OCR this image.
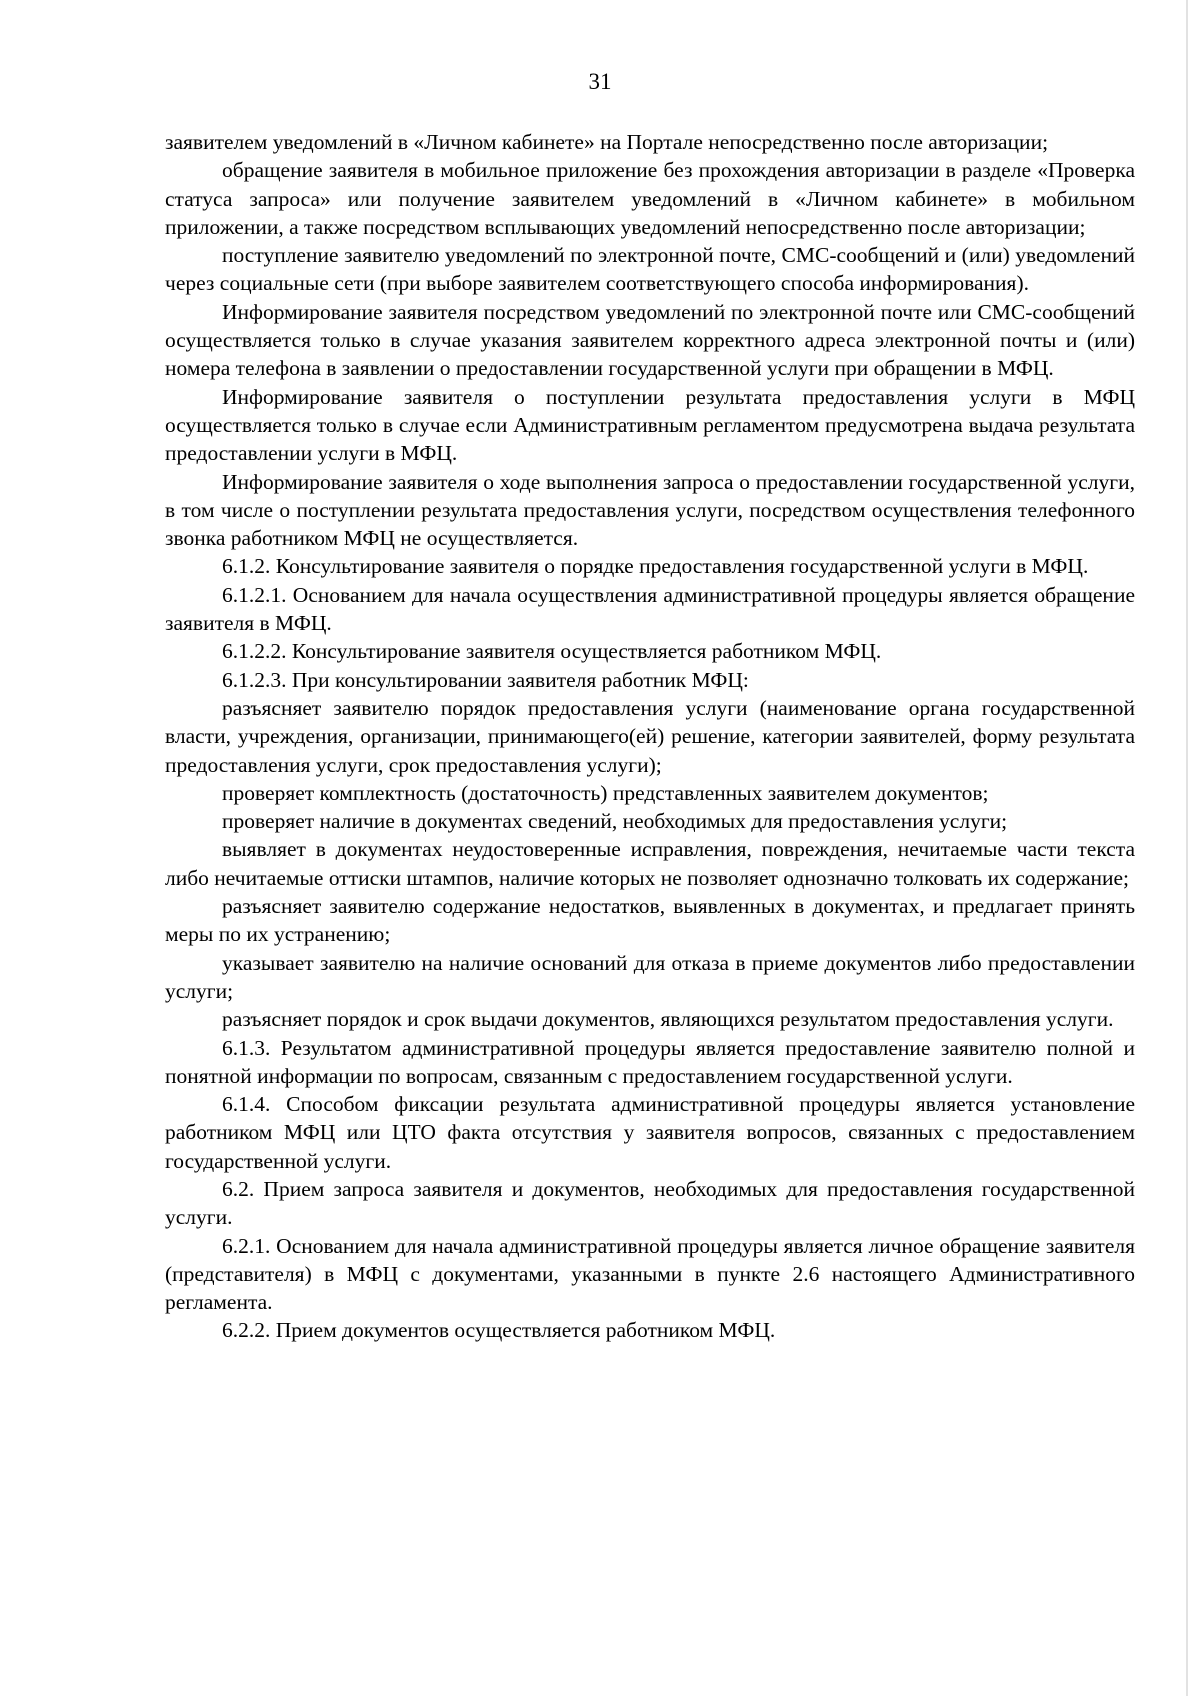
31

заявителем уведомлений в «Личном кабинете» на Портале непосредственно после авторизации;

обращение заявителя в мобильное приложение без прохождения авторизации в разделе «Проверка статуса запроса» или получение заявителем уведомлений в «Личном кабинете» в мобильном приложении, а также посредством всплывающих уведомлений непосредственно после авторизации;

поступление заявителю уведомлений по электронной почте, СМС-сообщений и (или) уведомлений через социальные сети (при выборе заявителем соответствующего способа информирования).

Информирование заявителя посредством уведомлений по электронной почте или СМС-сообщений осуществляется только в случае указания заявителем корректного адреса электронной почты и (или) номера телефона в заявлении о предоставлении государственной услуги при обращении в МФЦ.

Информирование заявителя о поступлении результата предоставления услуги в МФЦ осуществляется только в случае если Административным регламентом предусмотрена выдача результата предоставлении услуги в МФЦ.

Информирование заявителя о ходе выполнения запроса о предоставлении государственной услуги, в том числе о поступлении результата предоставления услуги, посредством осуществления телефонного звонка работником МФЦ не осуществляется.

6.1.2. Консультирование заявителя о порядке предоставления государственной услуги в МФЦ.

6.1.2.1. Основанием для начала осуществления административной процедуры является обращение заявителя в МФЦ.

6.1.2.2. Консультирование заявителя осуществляется работником МФЦ.

6.1.2.3. При консультировании заявителя работник МФЦ:

разъясняет заявителю порядок предоставления услуги (наименование органа государственной власти, учреждения, организации, принимающего(ей) решение, категории заявителей, форму результата предоставления услуги, срок предоставления услуги);

проверяет комплектность (достаточность) представленных заявителем документов;

проверяет наличие в документах сведений, необходимых для предоставления услуги;

выявляет в документах неудостоверенные исправления, повреждения, нечитаемые части текста либо нечитаемые оттиски штампов, наличие которых не позволяет однозначно толковать их содержание;

разъясняет заявителю содержание недостатков, выявленных в документах, и предлагает принять меры по их устранению;

указывает заявителю на наличие оснований для отказа в приеме документов либо предоставлении услуги;

разъясняет порядок и срок выдачи документов, являющихся результатом предоставления услуги.

6.1.3. Результатом административной процедуры является предоставление заявителю полной и понятной информации по вопросам, связанным с предоставлением государственной услуги.

6.1.4. Способом фиксации результата административной процедуры является установление работником МФЦ или ЦТО факта отсутствия у заявителя вопросов, связанных с предоставлением государственной услуги.

6.2. Прием запроса заявителя и документов, необходимых для предоставления государственной услуги.

6.2.1. Основанием для начала административной процедуры является личное обращение заявителя (представителя) в МФЦ с документами, указанными в пункте 2.6 настоящего Административного регламента.

6.2.2. Прием документов осуществляется работником МФЦ.
